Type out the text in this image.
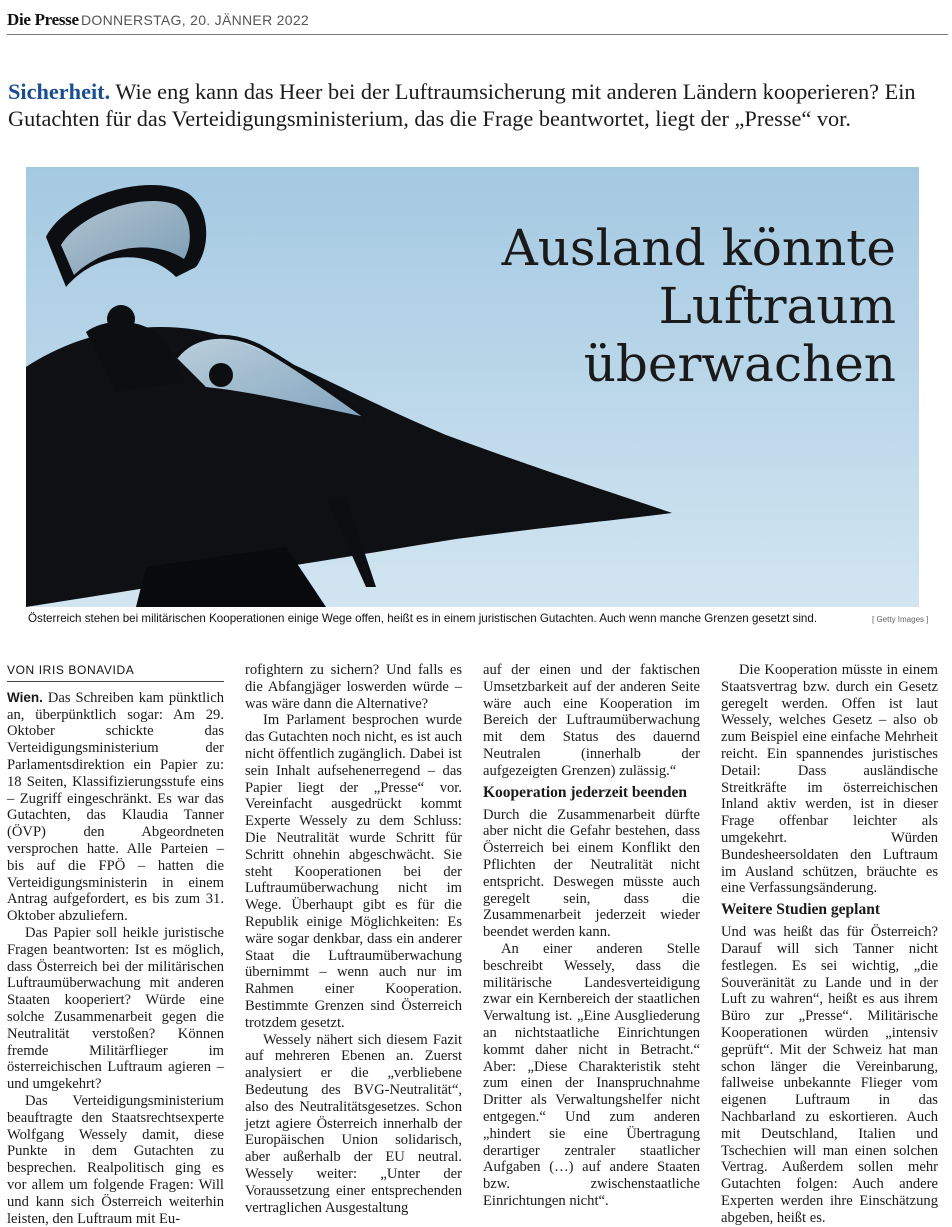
Die Presse DONNERSTAG, 20. JÄNNER 2022
Sicherheit. Wie eng kann das Heer bei der Luftraumsicherung mit anderen Ländern kooperieren? Ein Gutachten für das Verteidigungsministerium, das die Frage beantwortet, liegt der „Presse“ vor.
Ausland könnte
Luftraum
überwachen
Österreich stehen bei militärischen Kooperationen einige Wege offen, heißt es in einem juristischen Gutachten. Auch wenn manche Grenzen gesetzt sind.	[ Getty Images ]
VON IRIS BONAVIDA

Wien. Das Schreiben kam pünktlich an, überpünktlich sogar: Am 29. Oktober schickte das Verteidigungsministerium der Parlamentsdirektion ein Papier zu: 18 Seiten, Klassifizierungsstufe eins – Zugriff eingeschränkt. Es war das Gutachten, das Klaudia Tanner (ÖVP) den Abgeordneten versprochen hatte. Alle Parteien – bis auf die FPÖ – hatten die Verteidigungsministerin in einem Antrag aufgefordert, es bis zum 31. Oktober abzuliefern.

Das Papier soll heikle juristische Fragen beantworten: Ist es möglich, dass Österreich bei der militärischen Luftraumüberwachung mit anderen Staaten kooperiert? Würde eine solche Zusammenarbeit gegen die Neutralität verstoßen? Können fremde Militärflieger im österreichischen Luftraum agieren – und umgekehrt?

Das Verteidigungsministerium beauftragte den Staatsrechtsexperte Wolfgang Wessely damit, diese Punkte in dem Gutachten zu besprechen. Realpolitisch ging es vor allem um folgende Fragen: Will und kann sich Österreich weiterhin leisten, den Luftraum mit Eu-

rofightern zu sichern? Und falls es die Abfangjäger loswerden würde – was wäre dann die Alternative?

Im Parlament besprochen wurde das Gutachten noch nicht, es ist auch nicht öffentlich zugänglich. Dabei ist sein Inhalt aufsehenerregend – das Papier liegt der „Presse“ vor. Vereinfacht ausgedrückt kommt Experte Wessely zu dem Schluss: Die Neutralität wurde Schritt für Schritt ohnehin abgeschwächt. Sie steht Kooperationen bei der Luftraumüberwachung nicht im Wege. Überhaupt gibt es für die Republik einige Möglichkeiten: Es wäre sogar denkbar, dass ein anderer Staat die Luftraumüberwachung übernimmt – wenn auch nur im Rahmen einer Kooperation. Bestimmte Grenzen sind Österreich trotzdem gesetzt.

Wessely nähert sich diesem Fazit auf mehreren Ebenen an. Zuerst analysiert er die „verbliebene Bedeutung des BVG-Neutralität“, also des Neutralitätsgesetzes. Schon jetzt agiere Österreich innerhalb der Europäischen Union solidarisch, aber außerhalb der EU neutral. Wessely weiter: „Unter der Voraussetzung einer entsprechenden vertraglichen Ausgestaltung

auf der einen und der faktischen Umsetzbarkeit auf der anderen Seite wäre auch eine Kooperation im Bereich der Luftraumüberwachung mit dem Status des dauernd Neutralen (innerhalb der aufgezeigten Grenzen) zulässig.“

Kooperation jederzeit beenden

Durch die Zusammenarbeit dürfte aber nicht die Gefahr bestehen, dass Österreich bei einem Konflikt den Pflichten der Neutralität nicht entspricht. Deswegen müsste auch geregelt sein, dass die Zusammenarbeit jederzeit wieder beendet werden kann.

An einer anderen Stelle beschreibt Wessely, dass die militärische Landesverteidigung zwar ein Kernbereich der staatlichen Verwaltung ist. „Eine Ausgliederung an nichtstaatliche Einrichtungen kommt daher nicht in Betracht.“ Aber: „Diese Charakteristik steht zum einen der Inanspruchnahme Dritter als Verwaltungshelfer nicht entgegen.“ Und zum anderen „hindert sie eine Übertragung derartiger zentraler staatlicher Aufgaben (…) auf andere Staaten bzw. zwischenstaatliche Einrichtungen nicht“.

Die Kooperation müsste in einem Staatsvertrag bzw. durch ein Gesetz geregelt werden. Offen ist laut Wessely, welches Gesetz – also ob zum Beispiel eine einfache Mehrheit reicht. Ein spannendes juristisches Detail: Dass ausländische Streitkräfte im österreichischen Inland aktiv werden, ist in dieser Frage offenbar leichter als umgekehrt. Würden Bundesheersoldaten den Luftraum im Ausland schützen, bräuchte es eine Verfassungsänderung.

Weitere Studien geplant

Und was heißt das für Österreich? Darauf will sich Tanner nicht festlegen. Es sei wichtig, „die Souveränität zu Lande und in der Luft zu wahren“, heißt es aus ihrem Büro zur „Presse“. Militärische Kooperationen würden „intensiv geprüft“. Mit der Schweiz hat man schon länger die Vereinbarung, fallweise unbekannte Flieger vom eigenen Luftraum in das Nachbarland zu eskortieren. Auch mit Deutschland, Italien und Tschechien will man einen solchen Vertrag. Außerdem sollen mehr Gutachten folgen: Auch andere Experten werden ihre Einschätzung abgeben, heißt es.
